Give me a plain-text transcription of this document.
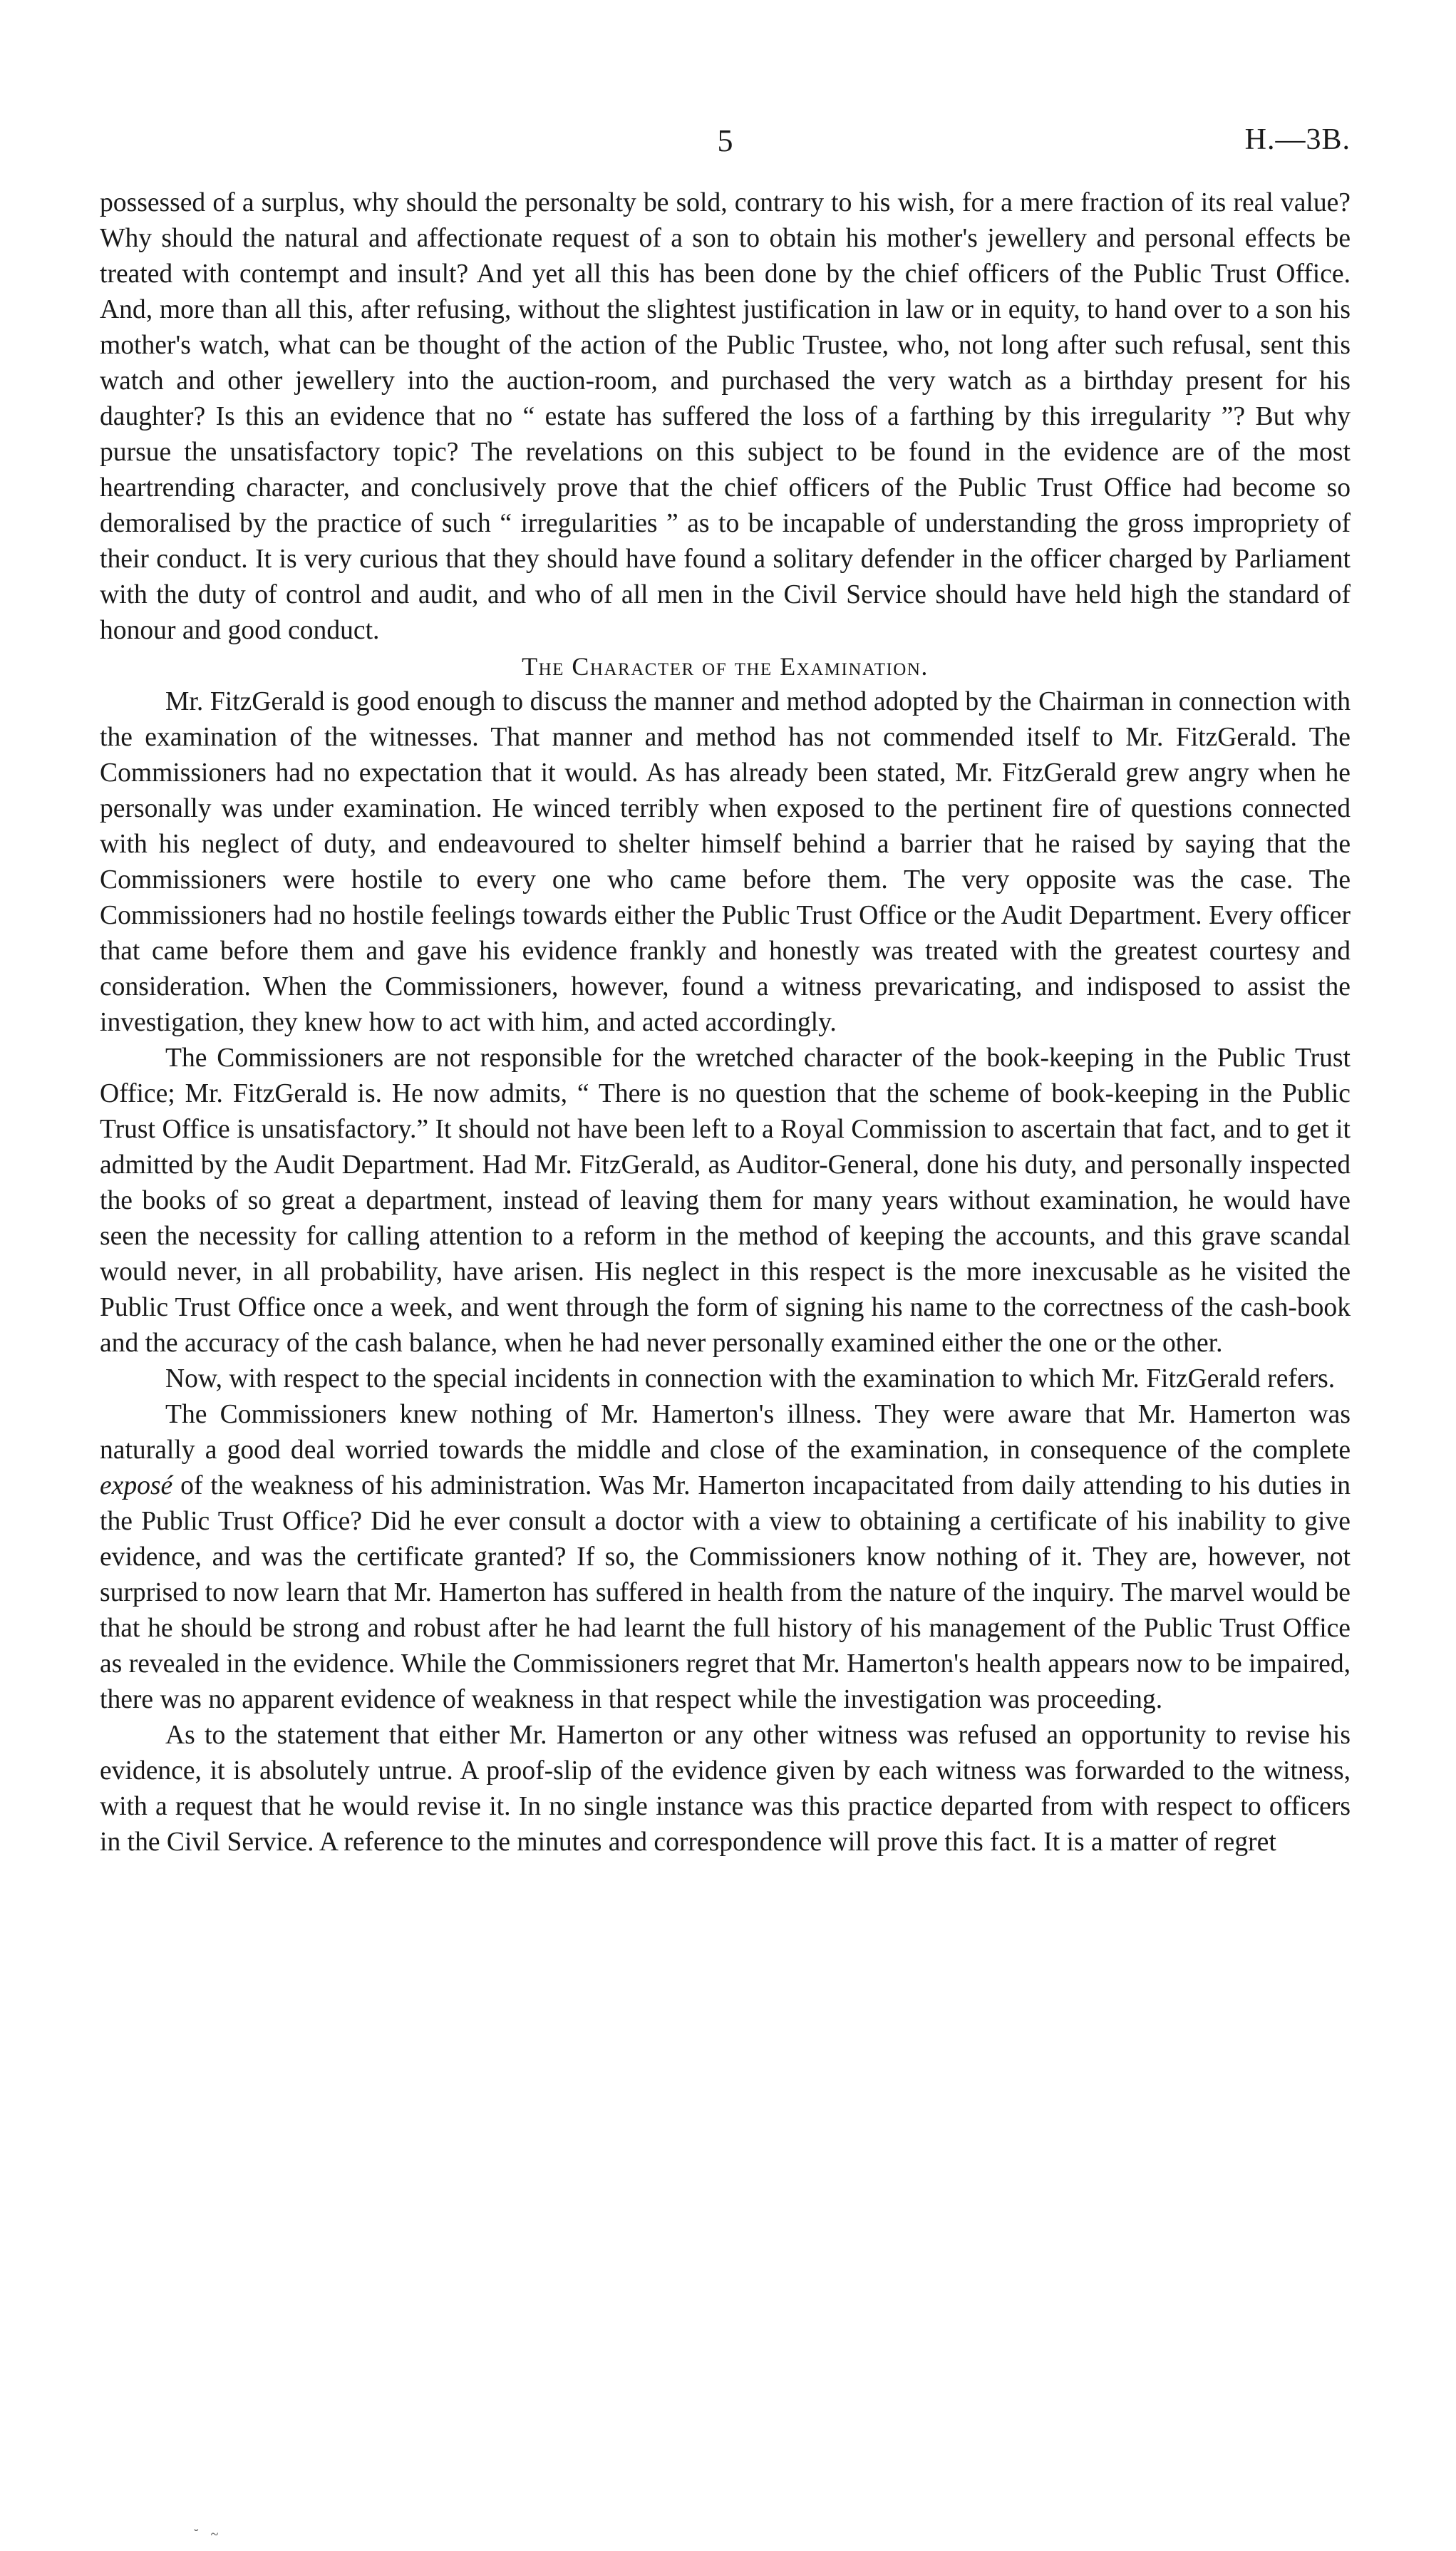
5	H.—3B.

possessed of a surplus, why should the personalty be sold, contrary to his wish, for a mere fraction of its real value? Why should the natural and affectionate request of a son to obtain his mother's jewellery and personal effects be treated with contempt and insult? And yet all this has been done by the chief officers of the Public Trust Office. And, more than all this, after refusing, without the slightest justification in law or in equity, to hand over to a son his mother's watch, what can be thought of the action of the Public Trustee, who, not long after such refusal, sent this watch and other jewellery into the auction-room, and purchased the very watch as a birthday present for his daughter? Is this an evidence that no “ estate has suffered the loss of a farthing by this irregularity ”? But why pursue the unsatisfactory topic? The revelations on this subject to be found in the evidence are of the most heartrending character, and conclusively prove that the chief officers of the Public Trust Office had become so demoralised by the practice of such “ irregularities ” as to be incapable of understanding the gross impropriety of their conduct. It is very curious that they should have found a solitary defender in the officer charged by Parliament with the duty of control and audit, and who of all men in the Civil Service should have held high the standard of honour and good conduct.

The Character of the Examination.

Mr. FitzGerald is good enough to discuss the manner and method adopted by the Chairman in connection with the examination of the witnesses. That manner and method has not commended itself to Mr. FitzGerald. The Commissioners had no expectation that it would. As has already been stated, Mr. FitzGerald grew angry when he personally was under examination. He winced terribly when exposed to the pertinent fire of questions connected with his neglect of duty, and endeavoured to shelter himself behind a barrier that he raised by saying that the Commissioners were hostile to every one who came before them. The very opposite was the case. The Commissioners had no hostile feelings towards either the Public Trust Office or the Audit Department. Every officer that came before them and gave his evidence frankly and honestly was treated with the greatest courtesy and consideration. When the Commissioners, however, found a witness prevaricating, and indisposed to assist the investigation, they knew how to act with him, and acted accordingly.

The Commissioners are not responsible for the wretched character of the book-keeping in the Public Trust Office; Mr. FitzGerald is. He now admits, “ There is no question that the scheme of book-keeping in the Public Trust Office is unsatisfactory.” It should not have been left to a Royal Commission to ascertain that fact, and to get it admitted by the Audit Department. Had Mr. FitzGerald, as Auditor-General, done his duty, and personally inspected the books of so great a department, instead of leaving them for many years without examination, he would have seen the necessity for calling attention to a reform in the method of keeping the accounts, and this grave scandal would never, in all probability, have arisen. His neglect in this respect is the more inexcusable as he visited the Public Trust Office once a week, and went through the form of signing his name to the correctness of the cash-book and the accuracy of the cash balance, when he had never personally examined either the one or the other.

Now, with respect to the special incidents in connection with the examination to which Mr. FitzGerald refers.

The Commissioners knew nothing of Mr. Hamerton's illness. They were aware that Mr. Hamerton was naturally a good deal worried towards the middle and close of the examination, in consequence of the complete exposé of the weakness of his administration. Was Mr. Hamerton incapacitated from daily attending to his duties in the Public Trust Office? Did he ever consult a doctor with a view to obtaining a certificate of his inability to give evidence, and was the certificate granted? If so, the Commissioners know nothing of it. They are, however, not surprised to now learn that Mr. Hamerton has suffered in health from the nature of the inquiry. The marvel would be that he should be strong and robust after he had learnt the full history of his management of the Public Trust Office as revealed in the evidence. While the Commissioners regret that Mr. Hamerton's health appears now to be impaired, there was no apparent evidence of weakness in that respect while the investigation was proceeding.

As to the statement that either Mr. Hamerton or any other witness was refused an opportunity to revise his evidence, it is absolutely untrue. A proof-slip of the evidence given by each witness was forwarded to the witness, with a request that he would revise it. In no single instance was this practice departed from with respect to officers in the Civil Service. A reference to the minutes and correspondence will prove this fact. It is a matter of regret

˘ ~
